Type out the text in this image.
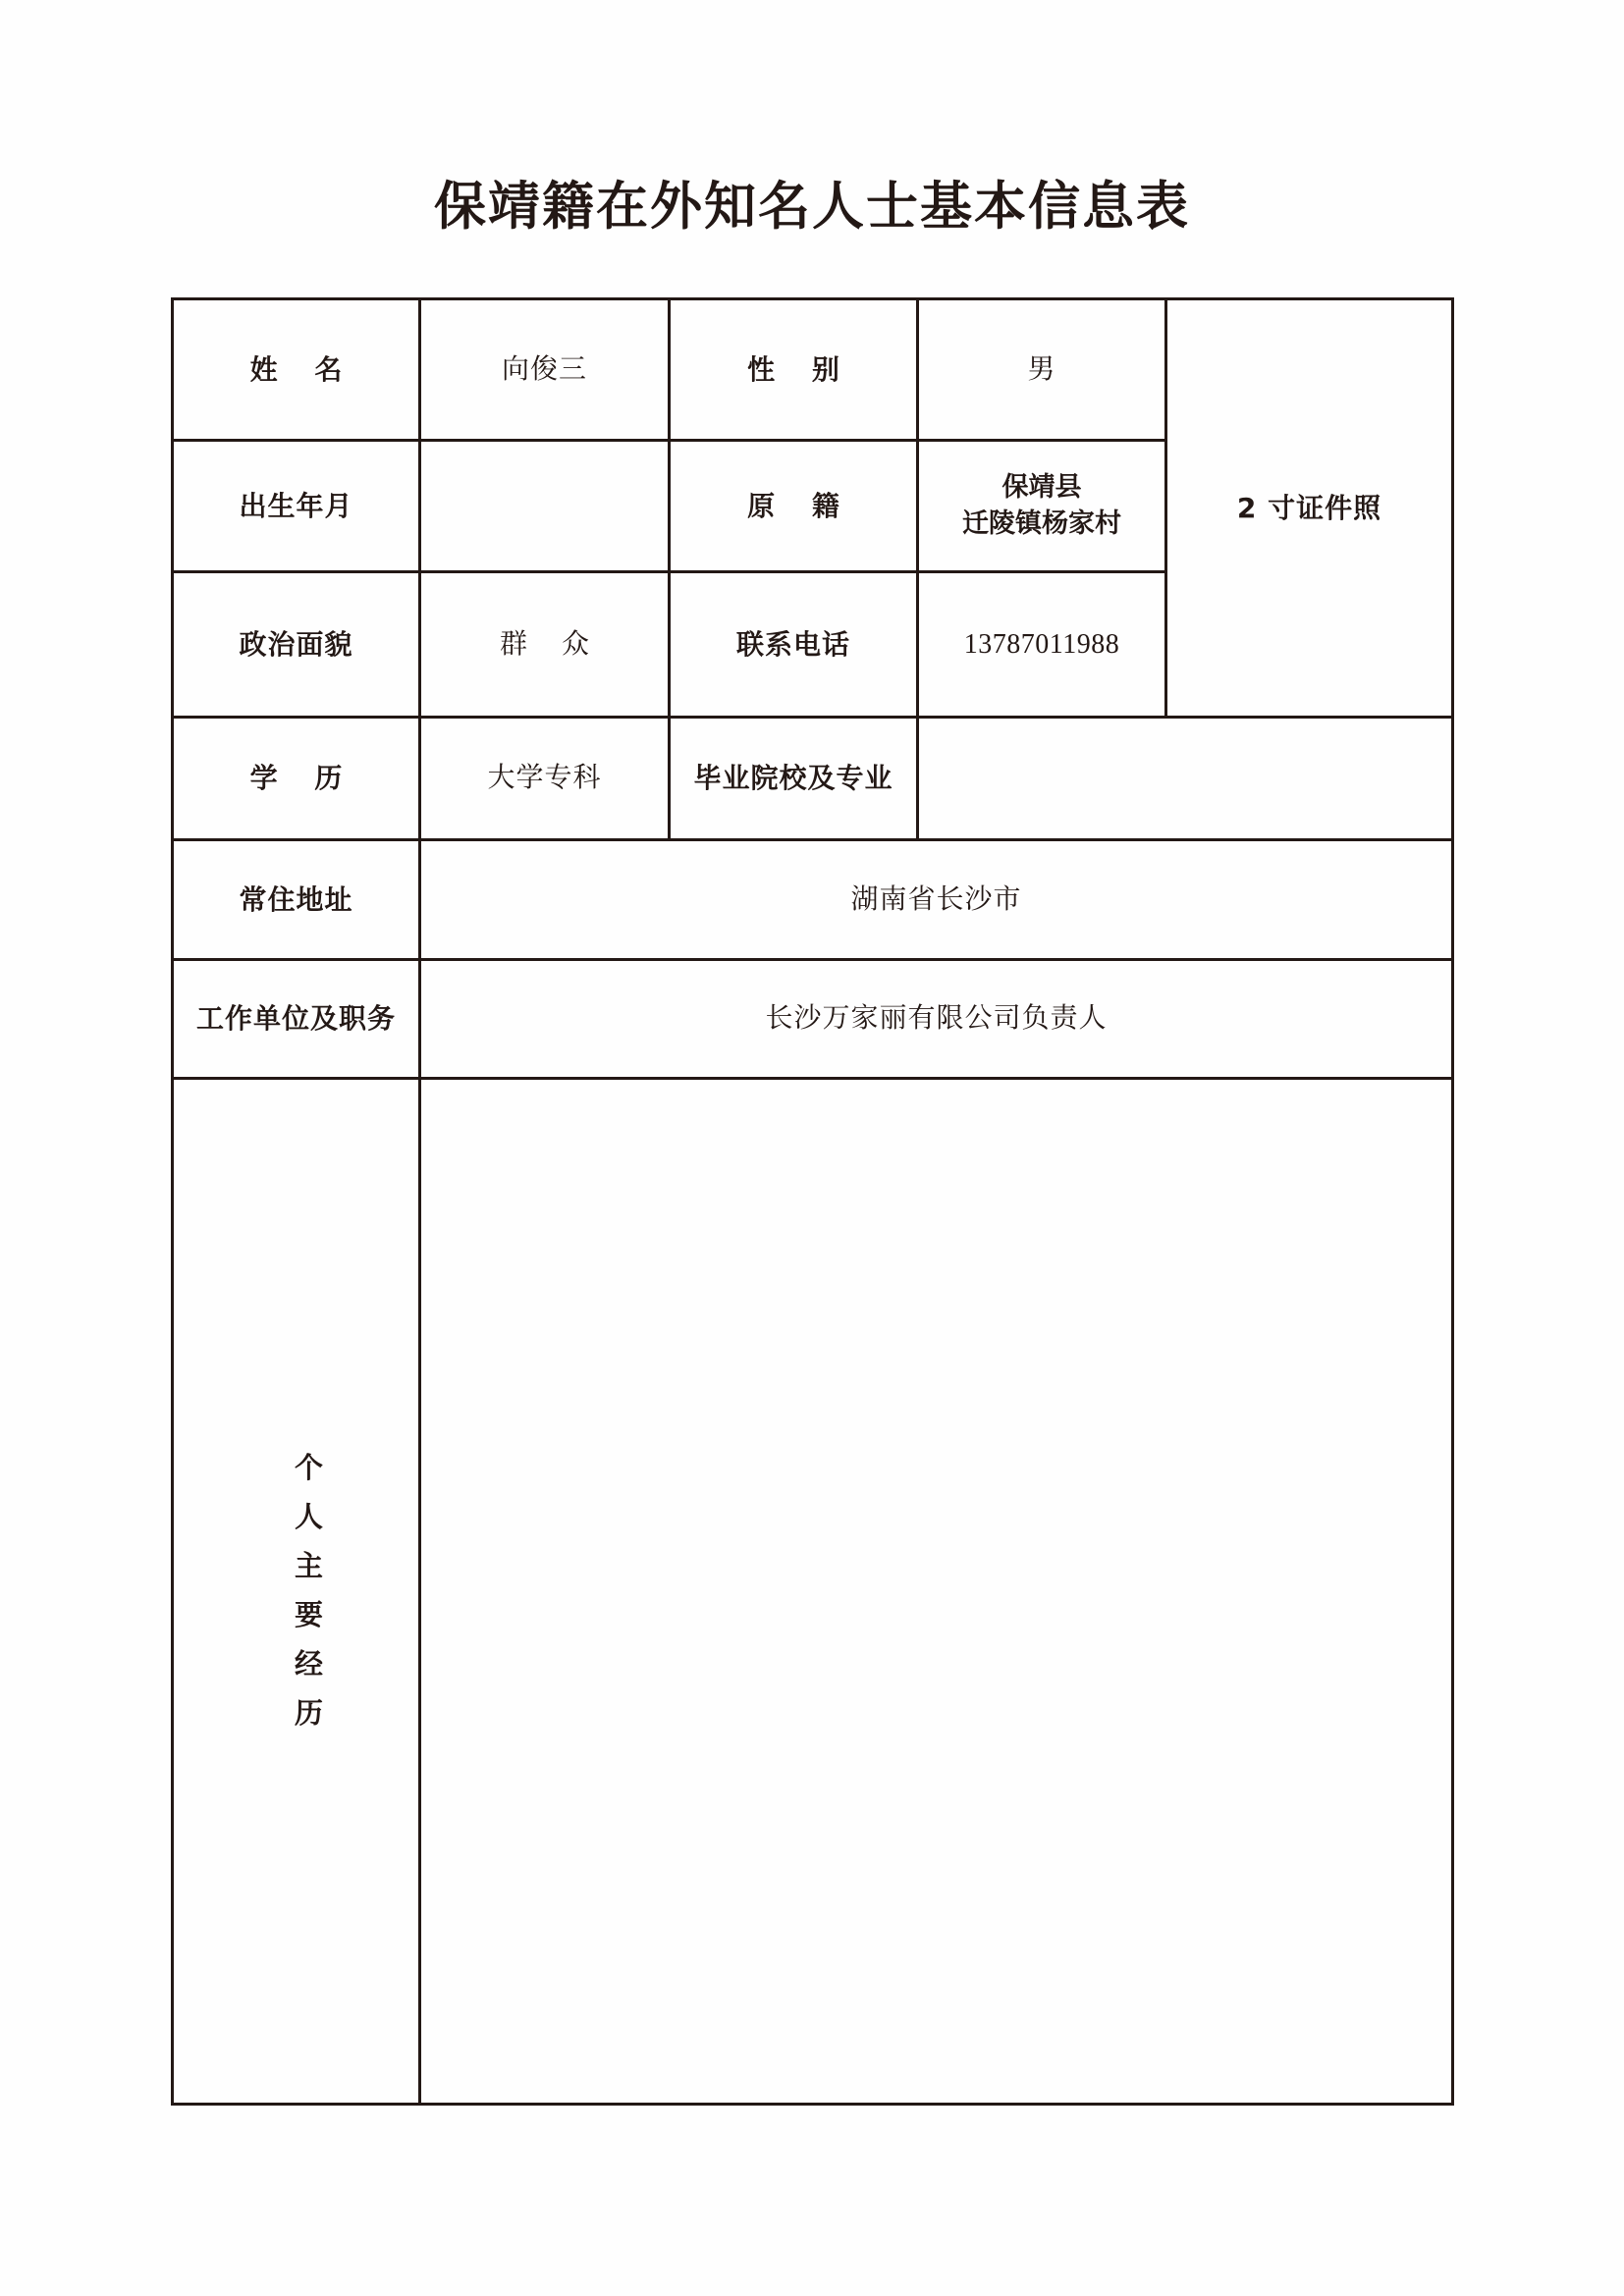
保靖籍在外知名人士基本信息表
姓 名	向俊三	性 别	男	2 寸证件照
出生年月		原 籍	保靖县
迁陵镇杨家村	

政治面貌	群 众	联系电话	13787011988	
学 历	大学专科	毕业院校及专业		
常住地址	湖南省长沙市			
工作单位及职务	长沙万家丽有限公司负责人			

个
人
主
要
经
历
